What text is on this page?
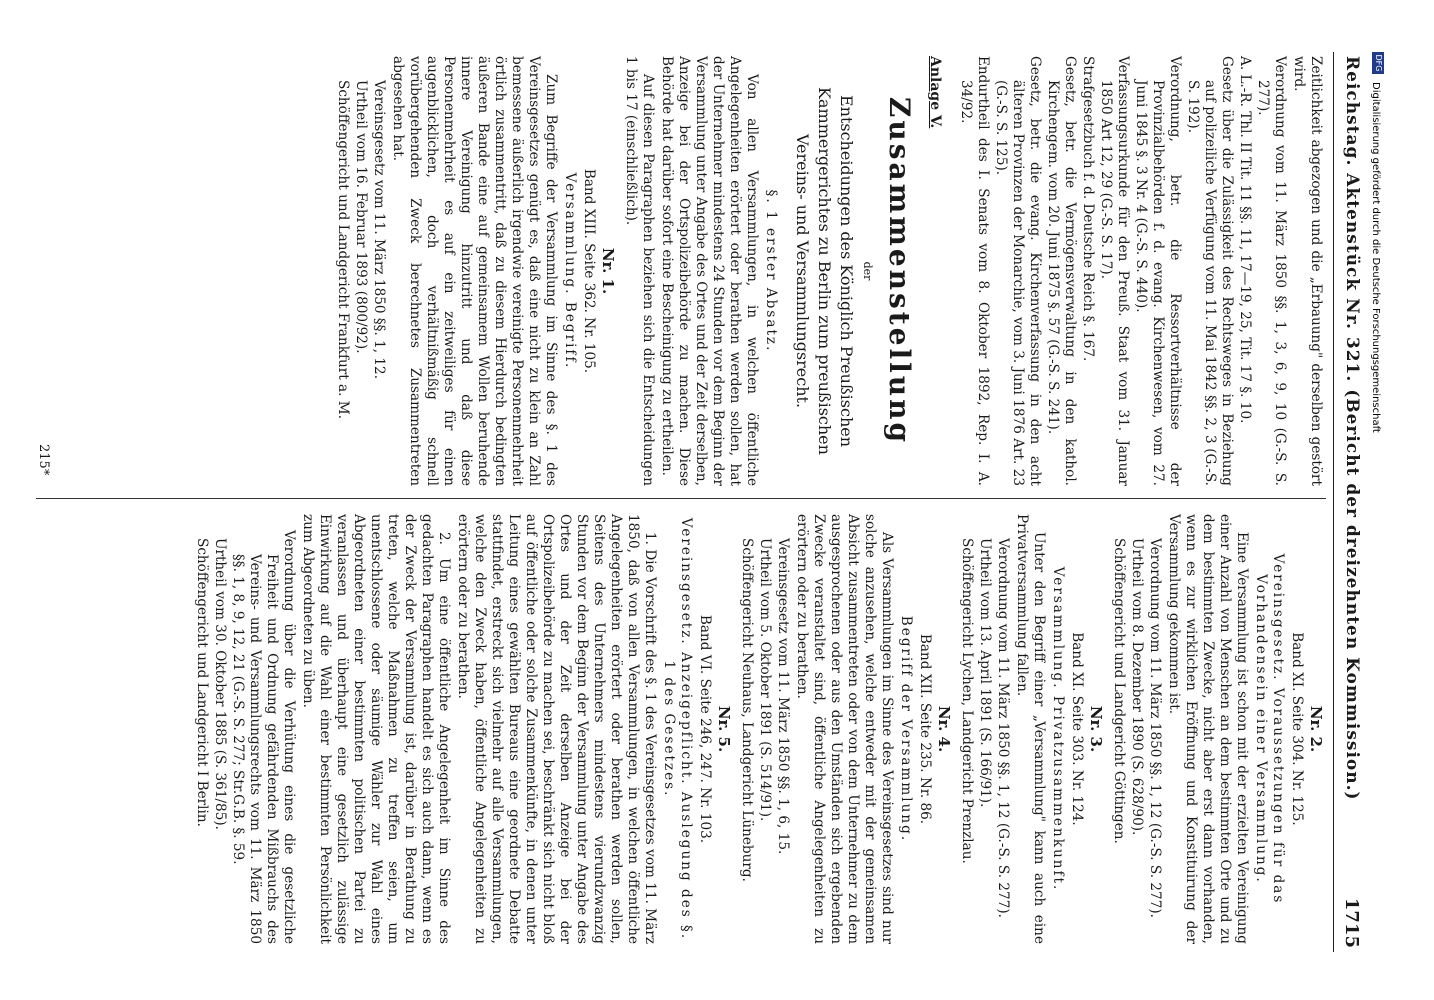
DFG
Digitalisierung gefördert durch die Deutsche Forschungsgemeinschaft
Reichstag. Aktenstück Nr. 321. (Bericht der dreizehnten Kommission.)
1715

Zeitlichkeit abgezogen und die „Erbauung" derselben gestört wird.

Verordnung vom 11. März 1850 §§. 1, 3, 6, 9, 10 (G.-S. S. 277).

A. L.-R. Thl. II Tit. 11 §§. 11, 17—19, 25, Tit. 17 §. 10.

Gesetz über die Zulässigkeit des Rechtsweges in Beziehung auf polizeiliche Verfügung vom 11. Mai 1842 §§. 2, 3 (G.-S. S. 192).

Verordnung, betr. die Ressortverhältnisse der Provinzialbehörden f. d. evang. Kirchenwesen, vom 27. Juni 1845 §. 3 Nr. 4 (G.-S. S. 440).

Verfassungsurkunde für den Preuß. Staat vom 31. Januar 1850 Art 12, 29 (G.-S. S. 17).

Strafgesetzbuch f. d. Deutsche Reich §. 167.

Gesetz, betr. die Vermögensverwaltung in den kathol. Kirchengem. vom 20. Juni 1875 §. 57 (G.-S. S. 241).

Gesetz, betr. die evang. Kirchenverfassung in den acht älteren Provinzen der Monarchie, vom 3. Juni 1876 Art. 23 (G.-S. S. 125).

Endurtheil des I. Senats vom 8. Oktober 1892, Rep. I. A. 34/92.

Anlage V.
Zusammenstellung
der
Entscheidungen des Königlich Preußischen Kammergerichtes zu Berlin zum preußischen Vereins- und Versammlungsrecht.
§. 1 erster Absatz.

Von allen Versammlungen, in welchen öffentliche Angelegenheiten erörtert oder berathen werden sollen, hat der Unternehmer mindestens 24 Stunden vor dem Beginn der Versammlung unter Angabe des Ortes und der Zeit derselben, Anzeige bei der Ortspolizeibehörde zu machen. Diese Behörde hat darüber sofort eine Bescheinigung zu ertheilen.

Auf diesen Paragraphen beziehen sich die Entscheidungen 1 bis 17 (einschließlich).

Nr. 1.
Band XIII. Seite 362. Nr. 105.
Versammlung. Begriff.

Zum Begriffe der Versammlung im Sinne des §. 1 des Vereinsgesetzes genügt es, daß eine nicht zu klein an Zahl bemessene äußerlich irgendwie vereinigte Personenmehrheit örtlich zusammentritt, daß zu diesem Hierdurch bedingten äußeren Bande eine auf gemeinsamem Wollen beruhende innere Vereinigung hinzutritt und daß diese Personenmehrheit es auf ein zeitweiliges für einen augenblicklichen, doch verhältnißmäßig schnell vorübergehenden Zweck berechnetes Zusammentreten abgesehen hat.

Vereinsgesetz vom 11. März 1850 §§. 1, 12.

Urtheil vom 16. Februar 1893 (800/92).

Schöffengericht und Landgericht Frankfurt a. M.

Nr. 2.
Band XI. Seite 304. Nr. 125.
Vereinsgesetz. Voraussetzungen für das Vorhandensein einer Versammlung.

Eine Versammlung ist schon mit der erzielten Vereinigung einer Anzahl von Menschen an dem bestimmten Orte und zu dem bestimmten Zwecke, nicht aber erst dann vorhanden, wenn es zur wirklichen Eröffnung und Konstituirung der Versammlung gekommen ist.

Verordnung vom 11. März 1850 §§. 1, 12 (G.-S. S. 277).

Urtheil vom 8. Dezember 1890 (S. 628/90).

Schöffengericht und Landgericht Göttingen.

Nr. 3.
Band XI. Seite 303. Nr. 124.
Versammlung. Privatzusammenkunft.

Unter den Begriff einer „Versammlung" kann auch eine Privatversammlung fallen.

Verordnung vom 11. März 1850 §§. 1, 12 (G.-S. S. 277).

Urtheil vom 13. April 1891 (S. 166/91).

Schöffengericht Lychen, Landgericht Prenzlau.

Nr. 4.
Band XII. Seite 235. Nr. 86.
Begriff der Versammlung.

Als Versammlungen im Sinne des Vereinsgesetzes sind nur solche anzusehen, welche entweder mit der gemeinsamen Absicht zusammentreten oder von dem Unternehmer zu dem ausgesprochenen oder aus den Umständen sich ergebenden Zwecke veranstaltet sind, öffentliche Angelegenheiten zu erörtern oder zu berathen.

Vereinsgesetz vom 11. März 1850 §§. 1, 6, 15.

Urtheil vom 5. Oktober 1891 (S. 514/91).

Schöffengericht Neuhaus, Landgericht Lüneburg.

Nr. 5.
Band VI. Seite 246, 247. Nr. 103.
Vereinsgesetz. Anzeigepflicht. Auslegung des §. 1 des Gesetzes.

1. Die Vorschrift des §. 1 des Vereinsgesetzes vom 11. März 1850, daß von allen Versammlungen, in welchen öffentliche Angelegenheiten erörtert oder berathen werden sollen, Seitens des Unternehmers mindestens vierundzwanzig Stunden vor dem Beginn der Versammlung unter Angabe des Ortes und der Zeit derselben Anzeige bei der Ortspolizeibehörde zu machen sei, beschränkt sich nicht bloß auf öffentliche oder solche Zusammenkünfte, in denen unter Leitung eines gewählten Bureaus eine geordnete Debatte stattfindet, erstreckt sich vielmehr auf alle Versammlungen, welche den Zweck haben, öffentliche Angelegenheiten zu erörtern oder zu berathen.

2. Um eine öffentliche Angelegenheit im Sinne des gedachten Paragraphen handelt es sich auch dann, wenn es der Zweck der Versammlung ist, darüber in Berathung zu treten, welche Maßnahmen zu treffen seien, um unentschlossene oder säumige Wähler zur Wahl eines Abgeordneten einer bestimmten politischen Partei zu veranlassen und überhaupt eine gesetzlich zulässige Einwirkung auf die Wahl einer bestimmten Persönlichkeit zum Abgeordneten zu üben.

Verordnung über die Verhütung eines die gesetzliche Freiheit und Ordnung gefährdenden Mißbrauchs des Vereins- und Versammlungsrechts vom 11. März 1850 §§. 1, 8, 9, 12, 21 (G.-S. S. 277; Str.G.B. §. 59.

Urtheil vom 30. Oktober 1885 (S. 361/85).

Schöffengericht und Landgericht I Berlin.

215*
